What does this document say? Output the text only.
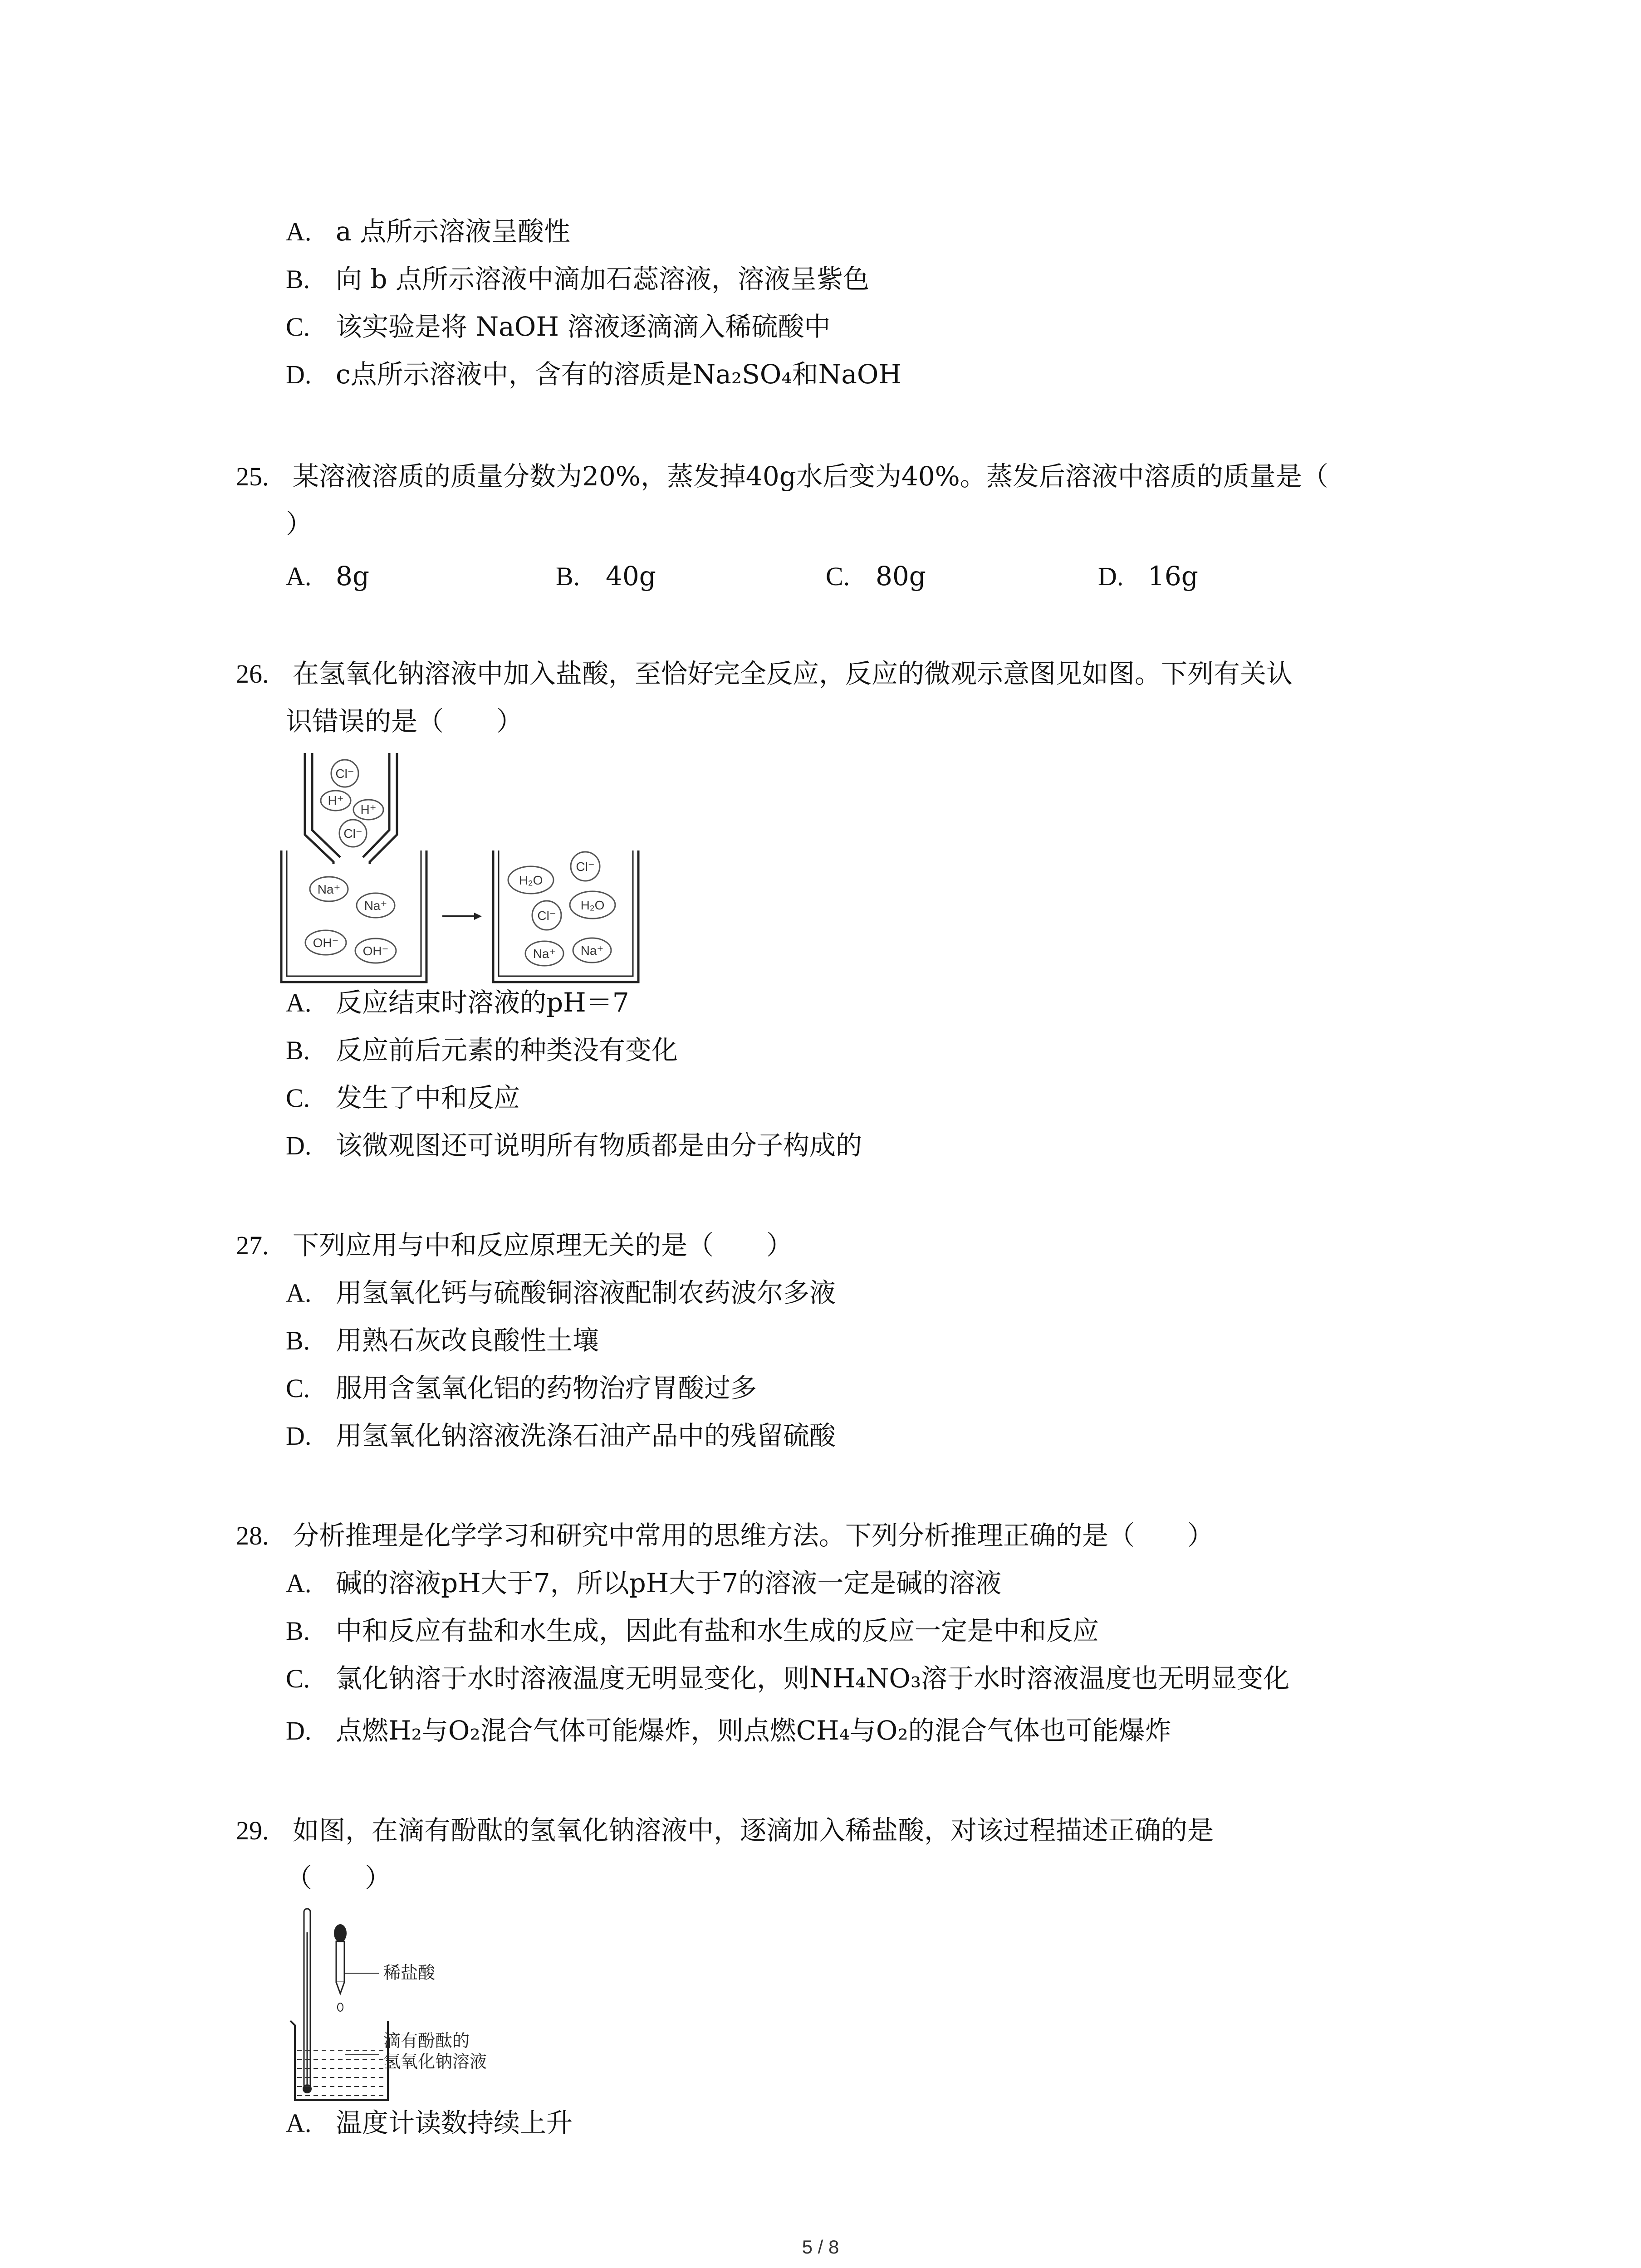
A. a 点所示溶液呈酸性
B. 向 b 点所示溶液中滴加石蕊溶液，溶液呈紫色
C. 该实验是将 NaOH 溶液逐滴滴入稀硫酸中
D. c点所示溶液中，含有的溶质是Na₂SO₄和NaOH
25. 某溶液溶质的质量分数为20%，蒸发掉40g水后变为40%。蒸发后溶液中溶质的质量是（
）
A. 8g	B. 40g	C. 80g	D. 16g
26. 在氢氧化钠溶液中加入盐酸，至恰好完全反应，反应的微观示意图见如图。下列有关认
识错误的是（　　）
Cl⁻
H⁺
H⁺
Cl⁻
Na⁺
Na⁺
OH⁻
OH⁻
H₂O
Cl⁻
H₂O
Cl⁻
Na⁺ Na⁺
A. 反应结束时溶液的pH＝7
B. 反应前后元素的种类没有变化
C. 发生了中和反应
D. 该微观图还可说明所有物质都是由分子构成的
27. 下列应用与中和反应原理无关的是（　　）
A. 用氢氧化钙与硫酸铜溶液配制农药波尔多液
B. 用熟石灰改良酸性土壤
C. 服用含氢氧化铝的药物治疗胃酸过多
D. 用氢氧化钠溶液洗涤石油产品中的残留硫酸
28. 分析推理是化学学习和研究中常用的思维方法。下列分析推理正确的是（　　）
A. 碱的溶液pH大于7，所以pH大于7的溶液一定是碱的溶液
B. 中和反应有盐和水生成，因此有盐和水生成的反应一定是中和反应
C. 氯化钠溶于水时溶液温度无明显变化，则NH₄NO₃溶于水时溶液温度也无明显变化
D. 点燃H₂与O₂混合气体可能爆炸，则点燃CH₄与O₂的混合气体也可能爆炸
29. 如图，在滴有酚酞的氢氧化钠溶液中，逐滴加入稀盐酸，对该过程描述正确的是
（　　）
稀盐酸
滴有酚酞的
氢氧化钠溶液
A. 温度计读数持续上升
5 / 8
